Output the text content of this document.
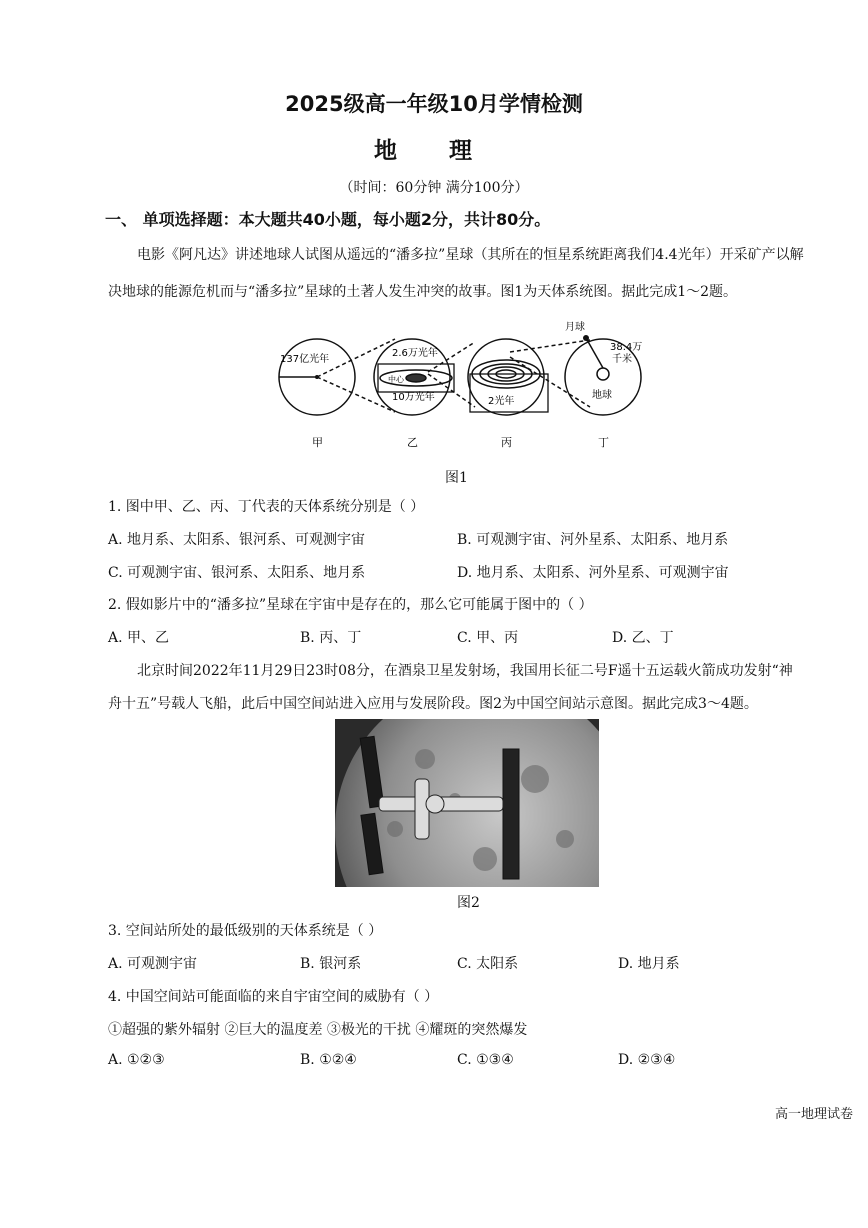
2025级高一年级10月学情检测
地 理
（时间：60分钟 满分100分）
一、 单项选择题：本大题共40小题，每小题2分，共计80分。
电影《阿凡达》讲述地球人试图从遥远的“潘多拉”星球（其所在的恒星系统距离我们4.4光年）开采矿产以解
决地球的能源危机而与“潘多拉”星球的土著人发生冲突的故事。图1为天体系统图。据此完成1～2题。
137亿光年
2.6万光年
中心
10万光年	2光年
月球
38.4万
千米
地球
甲	乙	丙	丁
图1
1. 图中甲、乙、丙、丁代表的天体系统分别是（ ）
A. 地月系、太阳系、银河系、可观测宇宙	B. 可观测宇宙、河外星系、太阳系、地月系
C. 可观测宇宙、银河系、太阳系、地月系	D. 地月系、太阳系、河外星系、可观测宇宙
2. 假如影片中的“潘多拉”星球在宇宙中是存在的，那么它可能属于图中的（ ）
A. 甲、乙	B. 丙、丁	C. 甲、丙	D. 乙、丁
北京时间2022年11月29日23时08分，在酒泉卫星发射场，我国用长征二号F遥十五运载火箭成功发射“神
舟十五”号载人飞船，此后中国空间站进入应用与发展阶段。图2为中国空间站示意图。据此完成3～4题。
图2
3. 空间站所处的最低级别的天体系统是（ ）
A. 可观测宇宙	B. 银河系	C. 太阳系	D. 地月系
4. 中国空间站可能面临的来自宇宙空间的威胁有（ ）
①超强的紫外辐射 ②巨大的温度差 ③极光的干扰 ④耀斑的突然爆发
A. ①②③	B. ①②④	C. ①③④	D. ②③④
高一地理试卷
